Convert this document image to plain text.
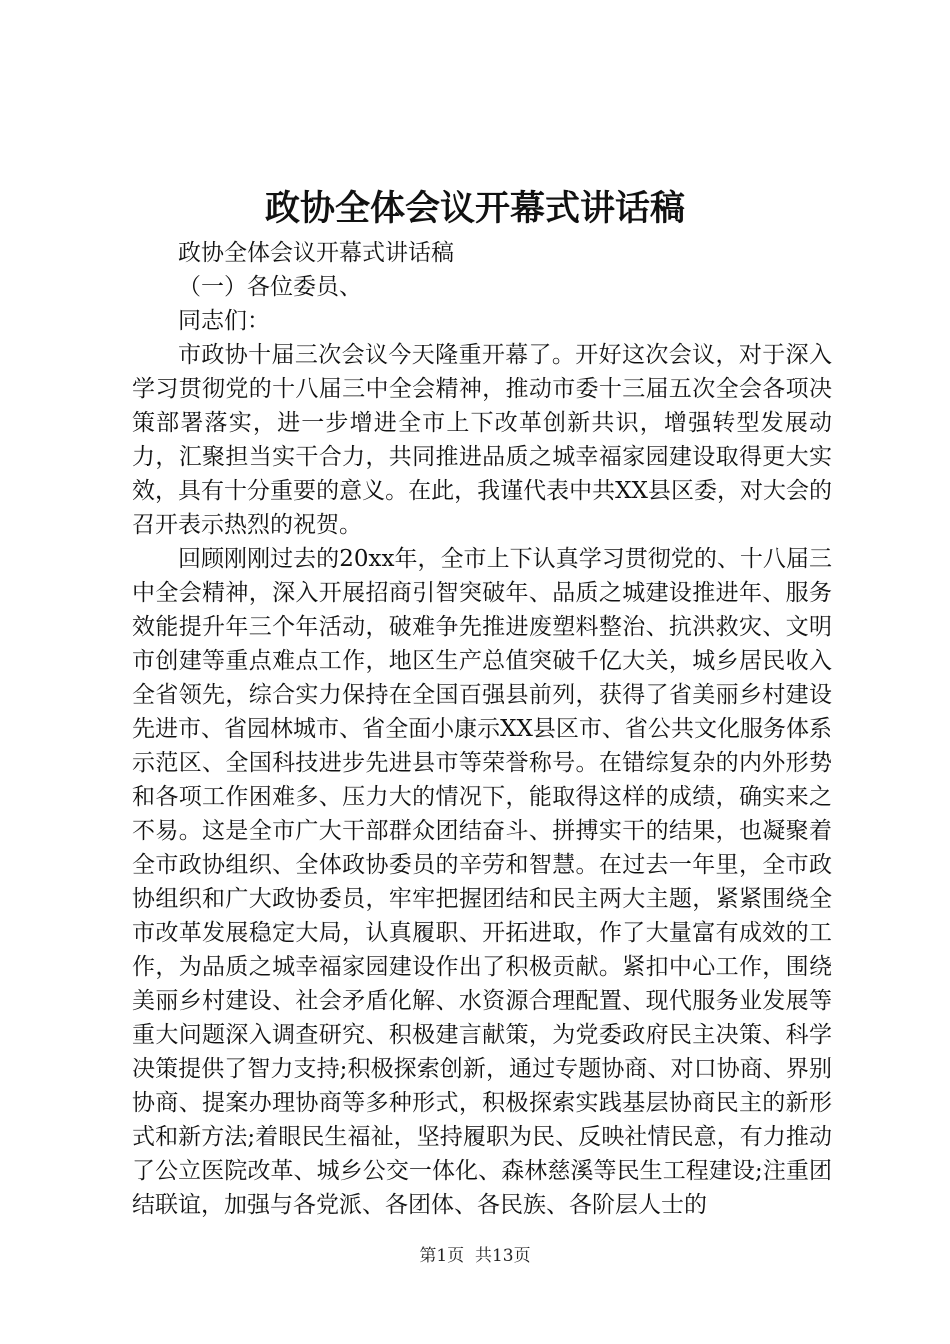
政协全体会议开幕式讲话稿

政协全体会议开幕式讲话稿

（一）各位委员、

同志们：

市政协十届三次会议今天隆重开幕了。开好这次会议，对于深入学习贯彻党的十八届三中全会精神，推动市委十三届五次全会各项决策部署落实，进一步增进全市上下改革创新共识，增强转型发展动力，汇聚担当实干合力，共同推进品质之城幸福家园建设取得更大实效，具有十分重要的意义。在此，我谨代表中共XX县区委，对大会的召开表示热烈的祝贺。

回顾刚刚过去的20xx年，全市上下认真学习贯彻党的、十八届三中全会精神，深入开展招商引智突破年、品质之城建设推进年、服务效能提升年三个年活动，破难争先推进废塑料整治、抗洪救灾、文明市创建等重点难点工作，地区生产总值突破千亿大关，城乡居民收入全省领先，综合实力保持在全国百强县前列，获得了省美丽乡村建设先进市、省园林城市、省全面小康示XX县区市、省公共文化服务体系示范区、全国科技进步先进县市等荣誉称号。在错综复杂的内外形势和各项工作困难多、压力大的情况下，能取得这样的成绩，确实来之不易。这是全市广大干部群众团结奋斗、拼搏实干的结果，也凝聚着全市政协组织、全体政协委员的辛劳和智慧。在过去一年里，全市政协组织和广大政协委员，牢牢把握团结和民主两大主题，紧紧围绕全市改革发展稳定大局，认真履职、开拓进取，作了大量富有成效的工作，为品质之城幸福家园建设作出了积极贡献。紧扣中心工作，围绕美丽乡村建设、社会矛盾化解、水资源合理配置、现代服务业发展等重大问题深入调查研究、积极建言献策，为党委政府民主决策、科学决策提供了智力支持;积极探索创新，通过专题协商、对口协商、界别协商、提案办理协商等多种形式，积极探索实践基层协商民主的新形式和新方法;着眼民生福祉，坚持履职为民、反映社情民意，有力推动了公立医院改革、城乡公交一体化、森林慈溪等民生工程建设;注重团结联谊，加强与各党派、各团体、各民族、各阶层人士的

第1页  共13页
